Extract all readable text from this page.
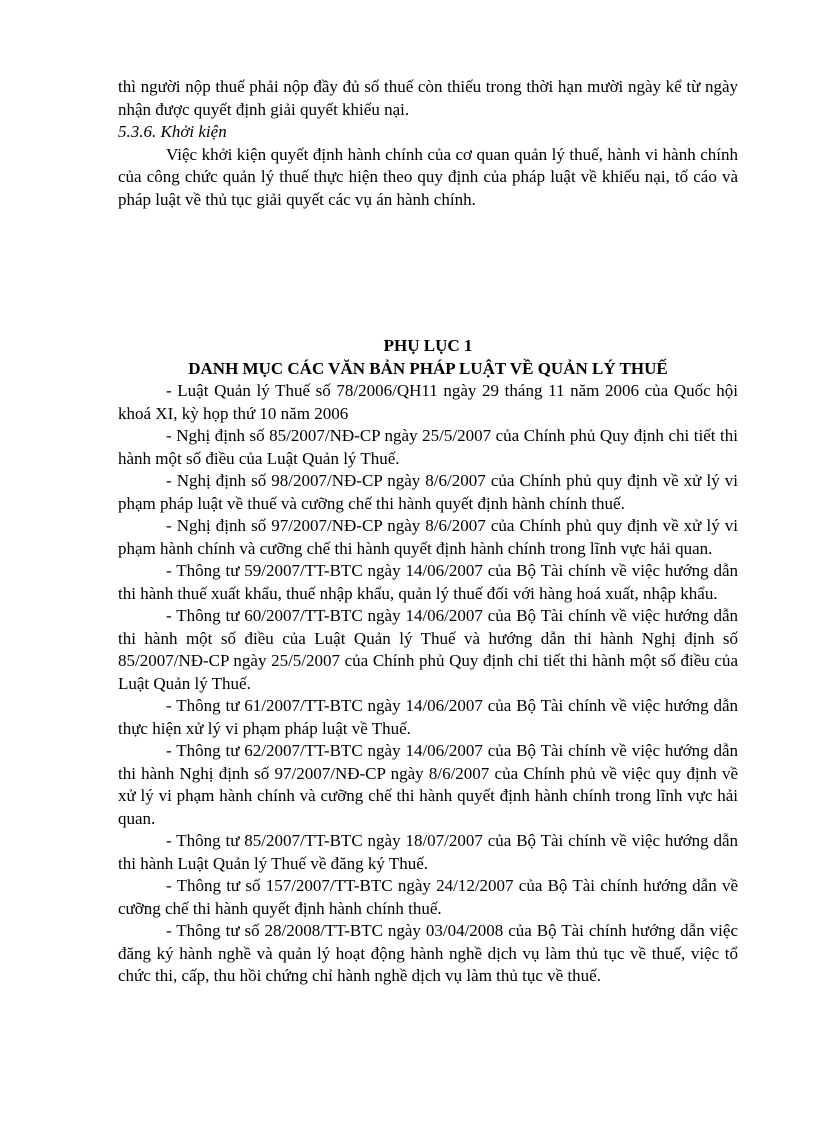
thì người nộp thuế phải nộp đầy đủ số thuế còn thiếu trong thời hạn mười ngày kể từ ngày nhận được quyết định giải quyết khiếu nại.

5.3.6. Khởi kiện

Việc khởi kiện quyết định hành chính của cơ quan quản lý thuế, hành vi hành chính của công chức quản lý thuế thực hiện theo quy định của pháp luật về khiếu nại, tố cáo và pháp luật về thủ tục giải quyết các vụ án hành chính.

PHỤ LỤC 1

DANH MỤC CÁC VĂN BẢN PHÁP LUẬT VỀ QUẢN LÝ THUẾ

- Luật Quản lý Thuế số 78/2006/QH11 ngày 29 tháng 11 năm 2006 của Quốc hội khoá XI, kỳ họp thứ 10 năm 2006

- Nghị định số 85/2007/NĐ-CP ngày 25/5/2007 của Chính phủ Quy định chi tiết thi hành một số điều của Luật Quản lý Thuế.

- Nghị định số 98/2007/NĐ-CP ngày 8/6/2007 của Chính phủ quy định về xử lý vi phạm pháp luật về thuế và cưỡng chế thi hành quyết định hành chính thuế.

- Nghị định số 97/2007/NĐ-CP ngày 8/6/2007 của Chính phủ quy định về xử lý vi phạm hành chính và cưỡng chế thi hành quyết định hành chính trong lĩnh vực hải quan.

- Thông tư 59/2007/TT-BTC ngày 14/06/2007 của Bộ Tài chính về việc hướng dẫn thi hành thuế xuất khẩu, thuế nhập khẩu, quản lý thuế đối với hàng hoá xuất, nhập khẩu.

- Thông tư 60/2007/TT-BTC ngày 14/06/2007 của Bộ Tài chính về việc hướng dẫn thi hành một số điều của Luật Quản lý Thuế và hướng dẫn thi hành Nghị định số 85/2007/NĐ-CP ngày 25/5/2007 của Chính phủ Quy định chi tiết thi hành một số điều của Luật Quản lý Thuế.

- Thông tư 61/2007/TT-BTC ngày 14/06/2007 của Bộ Tài chính về việc hướng dẫn thực hiện xử lý vi phạm pháp luật về Thuế.

- Thông tư 62/2007/TT-BTC ngày 14/06/2007 của Bộ Tài chính về việc hướng dẫn thi hành Nghị định số 97/2007/NĐ-CP ngày 8/6/2007 của Chính phủ về việc quy định về xử lý vi phạm hành chính và cưỡng chế thi hành quyết định hành chính trong lĩnh vực hải quan.

- Thông tư 85/2007/TT-BTC ngày 18/07/2007 của Bộ Tài chính về việc hướng dẫn thi hành Luật Quản lý Thuế về đăng ký Thuế.

- Thông tư số 157/2007/TT-BTC ngày 24/12/2007 của Bộ Tài chính hướng dẫn về cưỡng chế thi hành quyết định hành chính thuế.

- Thông tư số 28/2008/TT-BTC ngày 03/04/2008 của Bộ Tài chính hướng dẫn việc đăng ký hành nghề và quản lý hoạt động hành nghề dịch vụ làm thủ tục về thuế, việc tổ chức thi, cấp, thu hồi chứng chỉ hành nghề dịch vụ làm thủ tục về thuế.
